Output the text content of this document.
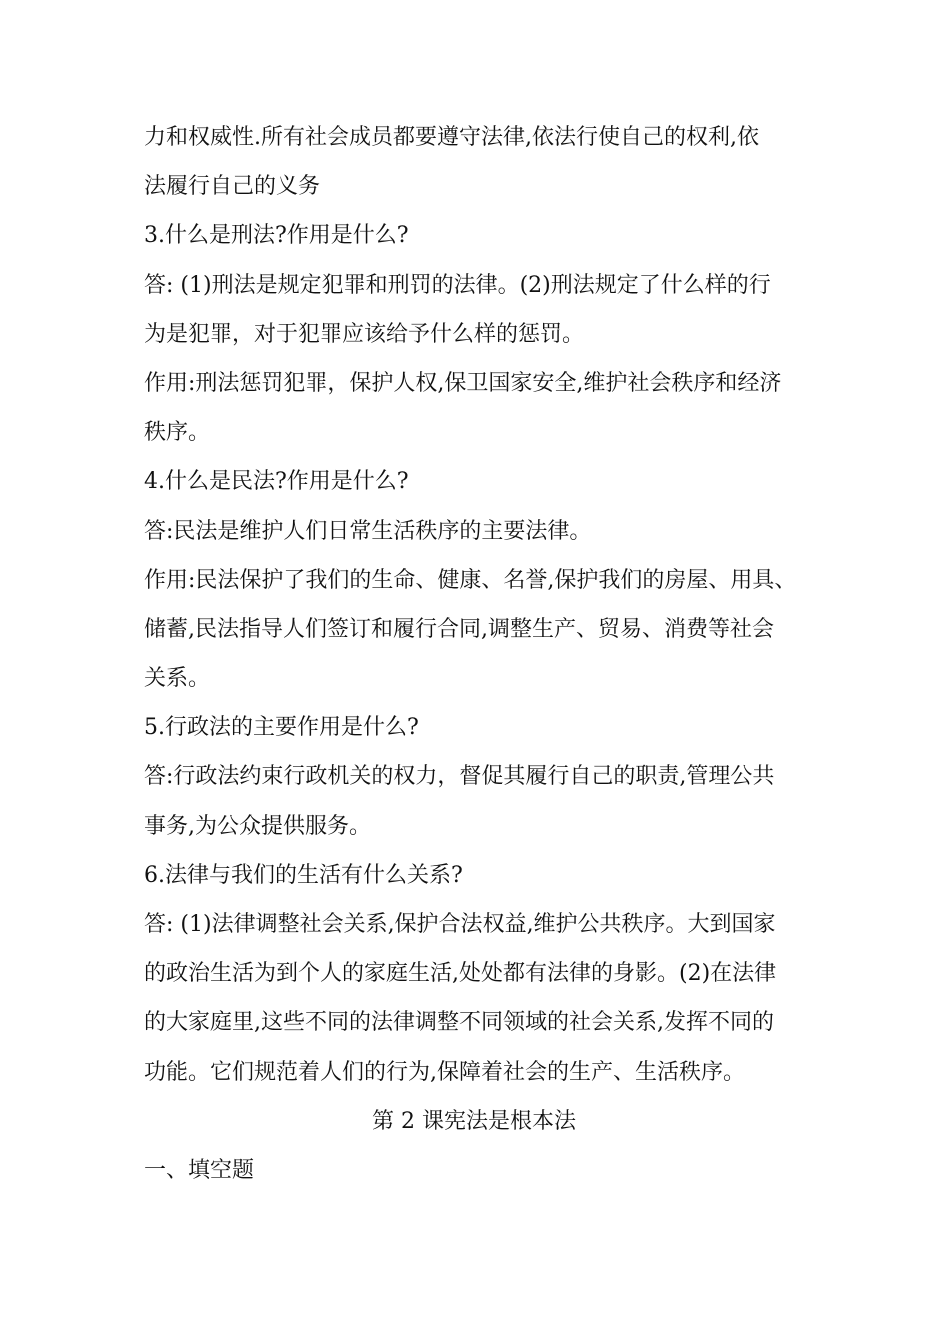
力和权威性.所有社会成员都要遵守法律,依法行使自己的权利,依
法履行自己的义务
3.什么是刑法?作用是什么?
答: (1)刑法是规定犯罪和刑罚的法律。(2)刑法规定了什么样的行
为是犯罪，对于犯罪应该给予什么样的惩罚。
作用:刑法惩罚犯罪，保护人权,保卫国家安全,维护社会秩序和经济
秩序。
4.什么是民法?作用是什么?
答:民法是维护人们日常生活秩序的主要法律。
作用:民法保护了我们的生命、健康、名誉,保护我们的房屋、用具、
储蓄,民法指导人们签订和履行合同,调整生产、贸易、消费等社会
关系。
5.行政法的主要作用是什么?
答:行政法约束行政机关的权力，督促其履行自己的职责,管理公共
事务,为公众提供服务。
6.法律与我们的生活有什么关系?
答: (1)法律调整社会关系,保护合法权益,维护公共秩序。大到国家
的政治生活为到个人的家庭生活,处处都有法律的身影。(2)在法律
的大家庭里,这些不同的法律调整不同领域的社会关系,发挥不同的
功能。它们规范着人们的行为,保障着社会的生产、生活秩序。
第 2 课宪法是根本法
一、填空题
